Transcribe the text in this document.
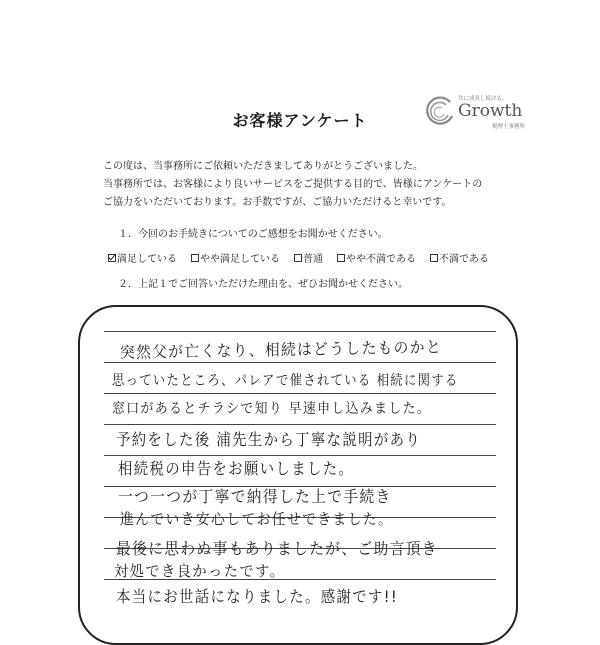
共に成長し続ける。
Growth
税理士事務所
お客様アンケート
この度は、当事務所にご依頼いただきましてありがとうございました。
当事務所では、お客様により良いサービスをご提供する目的で、皆様にアンケートの
ご協力をいただいております。お手数ですが、ご協力いただけると幸いです。
１．今回のお手続きについてのご感想をお聞かせください。
満足している やや満足している 普通 やや不満である 不満である
２．上記１でご回答いただけた理由を、ぜひお聞かせください。
突然父が亡くなり、相続はどうしたものかと
思っていたところ、パレアで催されている 相続に関する
窓口があるとチラシで知り 早速申し込みました。
予約をした後 浦先生から丁寧な説明があり
相続税の申告をお願いしました。
一つ一つが丁寧で納得した上で手続き
進んでいき安心してお任せできました。
最後に思わぬ事もありましたが、ご助言頂き
対処でき良かったです。
本当にお世話になりました。感謝です!!
